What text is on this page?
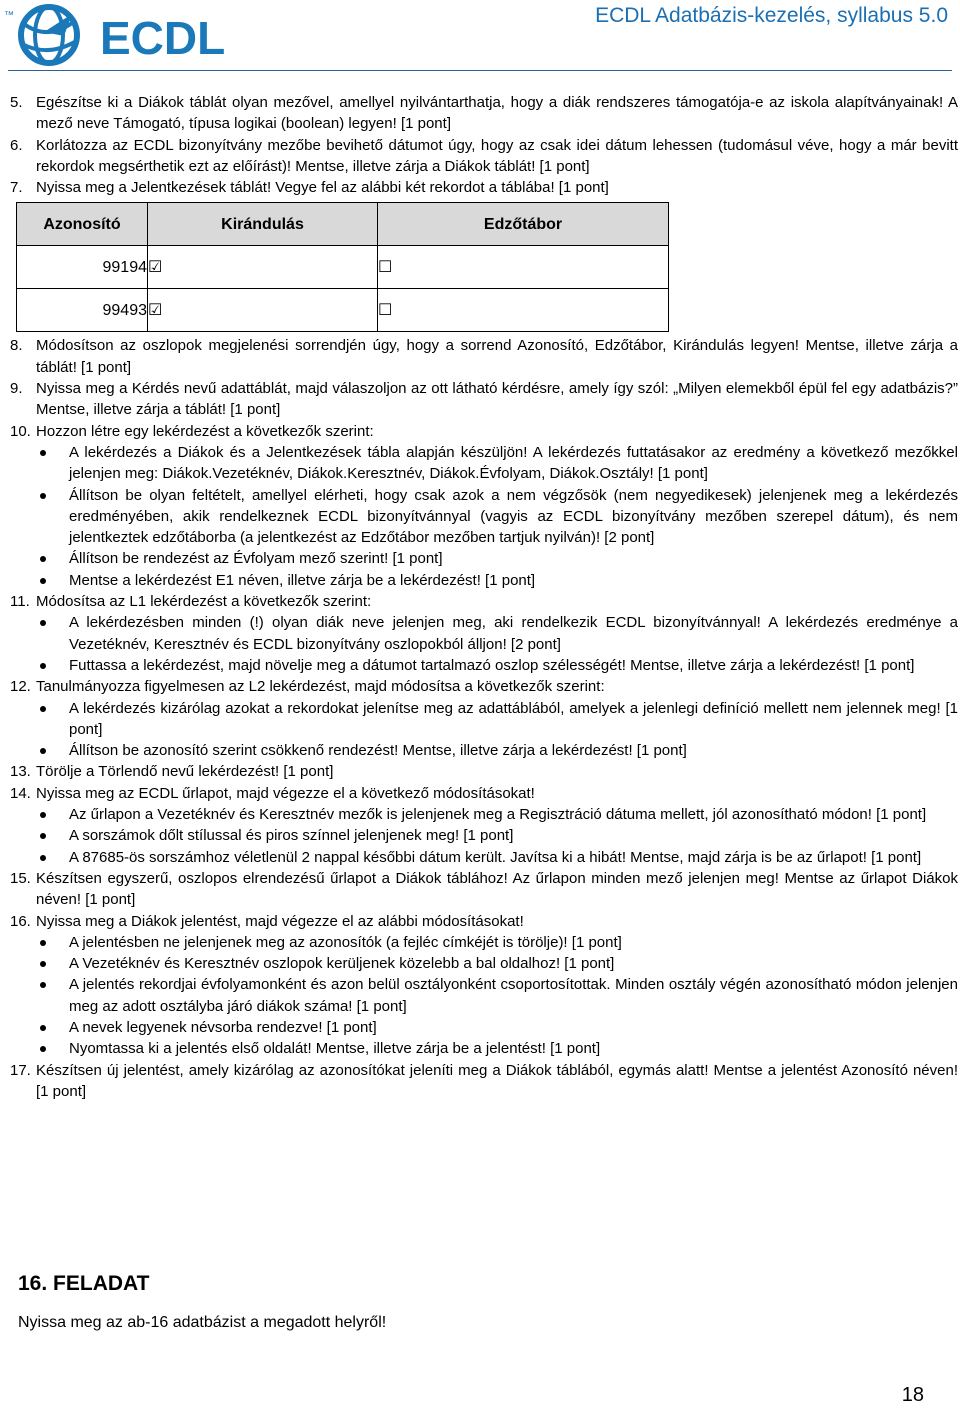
™ ECDL	ECDL Adatbázis-kezelés, syllabus 5.0
5. Egészítse ki a Diákok táblát olyan mezővel, amellyel nyilvántarthatja, hogy a diák rendszeres támogatója-e az iskola alapítványainak! A mező neve Támogató, típusa logikai (boolean) legyen! [1 pont]
6. Korlátozza az ECDL bizonyítvány mezőbe bevihető dátumot úgy, hogy az csak idei dátum lehessen (tudomásul véve, hogy a már bevitt rekordok megsérthetik ezt az előírást)! Mentse, illetve zárja a Diákok táblát! [1 pont]
7. Nyissa meg a Jelentkezések táblát! Vegye fel az alábbi két rekordot a táblába! [1 pont]
Azonosító	Kirándulás	Edzőtábor
99194	☑	☐
99493	☑	☐
8. Módosítson az oszlopok megjelenési sorrendjén úgy, hogy a sorrend Azonosító, Edzőtábor, Kirándulás legyen! Mentse, illetve zárja a táblát! [1 pont]
9. Nyissa meg a Kérdés nevű adattáblát, majd válaszoljon az ott látható kérdésre, amely így szól: „Milyen elemekből épül fel egy adatbázis?” Mentse, illetve zárja a táblát! [1 pont]
10. Hozzon létre egy lekérdezést a következők szerint:
A lekérdezés a Diákok és a Jelentkezések tábla alapján készüljön! A lekérdezés futtatásakor az eredmény a következő mezőkkel jelenjen meg: Diákok.Vezetéknév, Diákok.Keresztnév, Diákok.Évfolyam, Diákok.Osztály! [1 pont]
Állítson be olyan feltételt, amellyel elérheti, hogy csak azok a nem végzősök (nem negyedikesek) jelenjenek meg a lekérdezés eredményében, akik rendelkeznek ECDL bizonyítvánnyal (vagyis az ECDL bizonyítvány mezőben szerepel dátum), és nem jelentkeztek edzőtáborba (a jelentkezést az Edzőtábor mezőben tartjuk nyilván)! [2 pont]
Állítson be rendezést az Évfolyam mező szerint! [1 pont]
Mentse a lekérdezést E1 néven, illetve zárja be a lekérdezést! [1 pont]
11. Módosítsa az L1 lekérdezést a következők szerint:
A lekérdezésben minden (!) olyan diák neve jelenjen meg, aki rendelkezik ECDL bizonyítvánnyal! A lekérdezés eredménye a Vezetéknév, Keresztnév és ECDL bizonyítvány oszlopokból álljon! [2 pont]
Futtassa a lekérdezést, majd növelje meg a dátumot tartalmazó oszlop szélességét! Mentse, illetve zárja a lekérdezést! [1 pont]
12. Tanulmányozza figyelmesen az L2 lekérdezést, majd módosítsa a következők szerint:
A lekérdezés kizárólag azokat a rekordokat jelenítse meg az adattáblából, amelyek a jelenlegi definíció mellett nem jelennek meg! [1 pont]
Állítson be azonosító szerint csökkenő rendezést! Mentse, illetve zárja a lekérdezést! [1 pont]
13. Törölje a Törlendő nevű lekérdezést! [1 pont]
14. Nyissa meg az ECDL űrlapot, majd végezze el a következő módosításokat!
Az űrlapon a Vezetéknév és Keresztnév mezők is jelenjenek meg a Regisztráció dátuma mellett, jól azonosítható módon! [1 pont]
A sorszámok dőlt stílussal és piros színnel jelenjenek meg! [1 pont]
A 87685-ös sorszámhoz véletlenül 2 nappal későbbi dátum került. Javítsa ki a hibát! Mentse, majd zárja is be az űrlapot! [1 pont]
15. Készítsen egyszerű, oszlopos elrendezésű űrlapot a Diákok táblához! Az űrlapon minden mező jelenjen meg! Mentse az űrlapot Diákok néven! [1 pont]
16. Nyissa meg a Diákok jelentést, majd végezze el az alábbi módosításokat!
A jelentésben ne jelenjenek meg az azonosítók (a fejléc címkéjét is törölje)! [1 pont]
A Vezetéknév és Keresztnév oszlopok kerüljenek közelebb a bal oldalhoz! [1 pont]
A jelentés rekordjai évfolyamonként és azon belül osztályonként csoportosítottak. Minden osztály végén azonosítható módon jelenjen meg az adott osztályba járó diákok száma! [1 pont]
A nevek legyenek névsorba rendezve! [1 pont]
Nyomtassa ki a jelentés első oldalát! Mentse, illetve zárja be a jelentést! [1 pont]
17. Készítsen új jelentést, amely kizárólag az azonosítókat jeleníti meg a Diákok táblából, egymás alatt! Mentse a jelentést Azonosító néven! [1 pont]
16. FELADAT
Nyissa meg az ab-16 adatbázist a megadott helyről!
18
